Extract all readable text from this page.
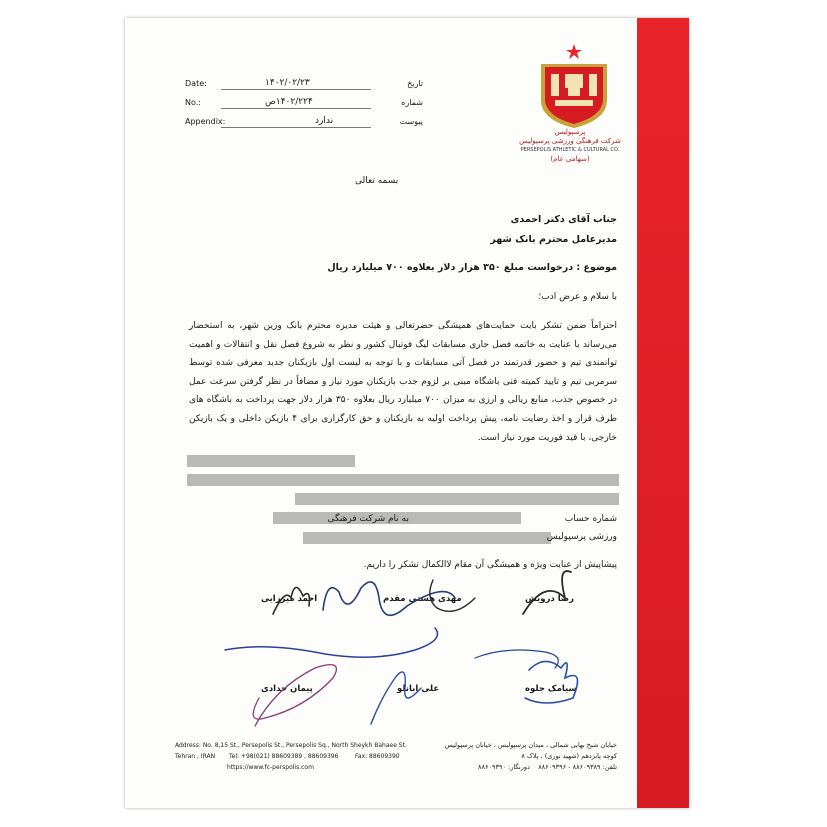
پرسپولیس
شرکت فرهنگی ورزشی پرسپولیس
PERSEPOLIS ATHLETIC & CULTURAL CO.
(سهامی عام)
Date:	۱۴۰۲/۰۲/۲۳	تاریخ
No.:	۱۴۰۲/۲۲۴ص	شماره
Appendix:	ندارد	پیوست
بسمه تعالی
جناب آقای دکتر احمدی
مدیرعامل محترم بانک شهر
موضوع : درخواست مبلغ ۳۵۰ هزار دلار بعلاوه ۷۰۰ میلیارد ریال
با سلام و عرض ادب؛
احتراماً ضمن تشکر بابت حمایت‌های همیشگی حضرتعالی و هیئت مدیره محترم بانک وزین شهر، به استحضار می‌رساند با عنایت به خاتمه فصل جاری مسابقات لیگ فوتبال کشور و نظر به شروع فصل نقل و انتقالات و اهمیت توانمندی تیم و حضور قدرتمند در فصل آتی مسابقات و با توجه به لیست اول بازیکنان جدید معرفی شده توسط سرمربی تیم و تایید کمیته فنی باشگاه مبنی بر لزوم جذب بازیکنان مورد نیاز و مضافاً در نظر گرفتن سرعت عمل در خصوص جذب، منابع ریالی و ارزی به میزان ۷۰۰ میلیارد ریال بعلاوه ۳۵۰ هزار دلار جهت پرداخت به باشگاه های طرف قرار و اخذ رضایت نامه، پیش پرداخت اولیه به بازیکنان و حق کارگزاری برای ۴ بازیکن داخلی و یک بازیکن خارجی، با قید فوریت مورد نیاز است.
شماره حساب
به نام شرکت فرهنگی
ورزشی پرسپولیس
پیشاپیش از عنایت ویژه و همیشگی آن مقام لاالکمال تشکر را داریم.
احمد میرزایی	مهدی هستی مقدم	رضا درویش
پیمان حدادی	علی ابانلو	سیامک جلوه
Address: No. 8,15 St., Persepolis St., Persepolis Sq., North Sheykh Bahaee St.
Tehran , IRAN Tel: +98(021) 88609389 , 88609396	Fax: 88609390
https://www.fc-perspolis.com
خیابان شیخ بهایی شمالی ، میدان پرسپولیس ، خیابان پرسپولیس
کوچه پانزدهم (شهید نوری) ، پلاک ۸
تلفن: ۸۸۶۰۹۳۸۹ - ۸۸۶۰۹۳۹۶    دورنگار: ۸۸۶۰۹۳۹۰
